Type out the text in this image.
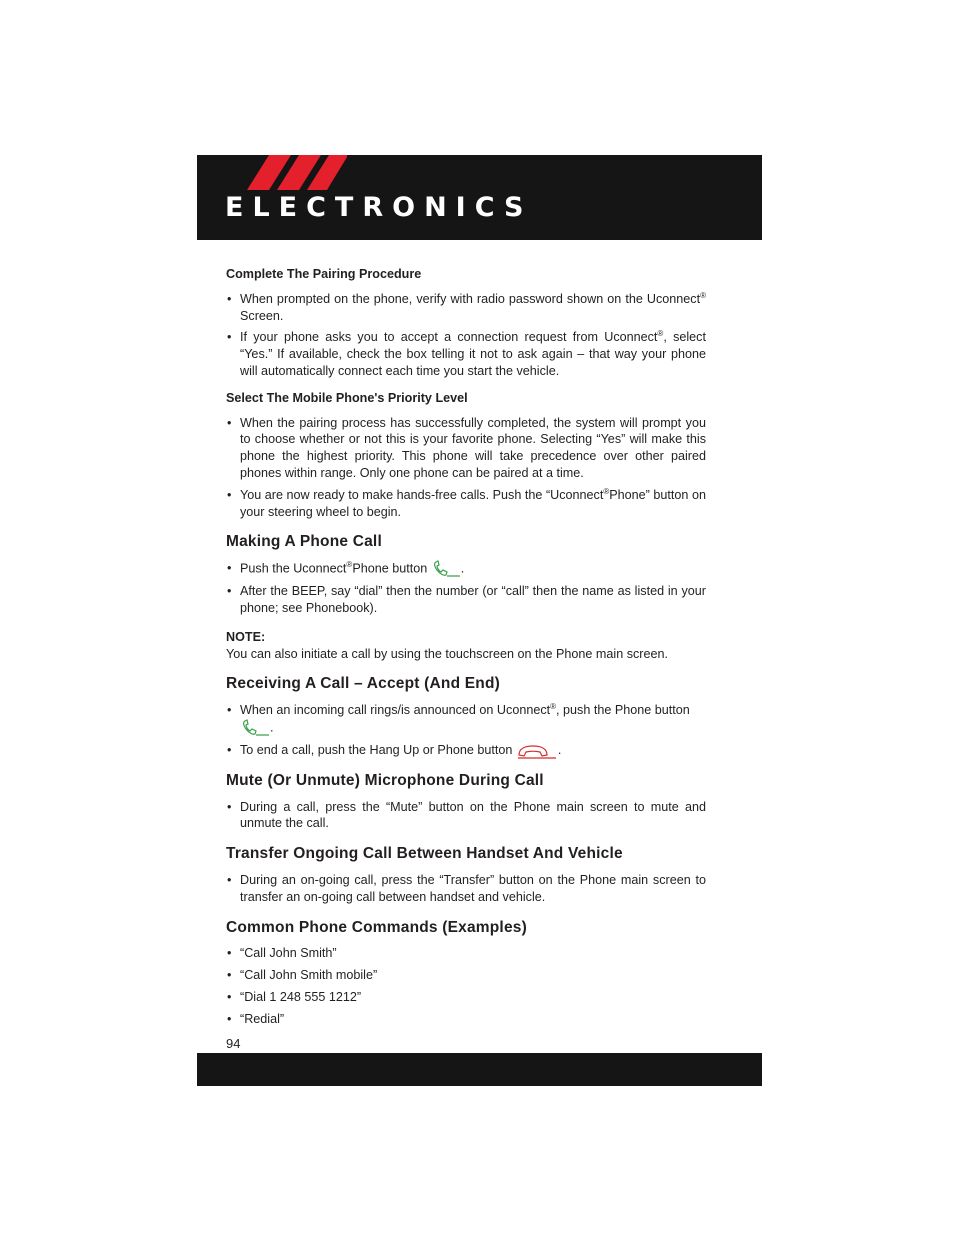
ELECTRONICS
Complete The Pairing Procedure
• When prompted on the phone, verify with radio password shown on the Uconnect® Screen.
• If your phone asks you to accept a connection request from Uconnect®, select “Yes.” If available, check the box telling it not to ask again – that way your phone will automatically connect each time you start the vehicle.
Select The Mobile Phone's Priority Level
• When the pairing process has successfully completed, the system will prompt you to choose whether or not this is your favorite phone. Selecting “Yes” will make this phone the highest priority. This phone will take precedence over other paired phones within range. Only one phone can be paired at a time.
• You are now ready to make hands-free calls. Push the “Uconnect®Phone” button on your steering wheel to begin.
Making A Phone Call
• Push the Uconnect®Phone button	.
• After the BEEP, say “dial” then the number (or “call” then the name as listed in your phone; see Phonebook).
NOTE:
You can also initiate a call by using the touchscreen on the Phone main screen.
Receiving A Call – Accept (And End)
• When an incoming call rings/is announced on Uconnect®, push the Phone button
.
• To end a call, push the Hang Up or Phone button	.
Mute (Or Unmute) Microphone During Call
• During a call, press the “Mute” button on the Phone main screen to mute and unmute the call.
Transfer Ongoing Call Between Handset And Vehicle
• During an on-going call, press the “Transfer” button on the Phone main screen to transfer an on-going call between handset and vehicle.
Common Phone Commands (Examples)
• “Call John Smith”
• “Call John Smith mobile”
• “Dial 1 248 555 1212”
• “Redial”
94
